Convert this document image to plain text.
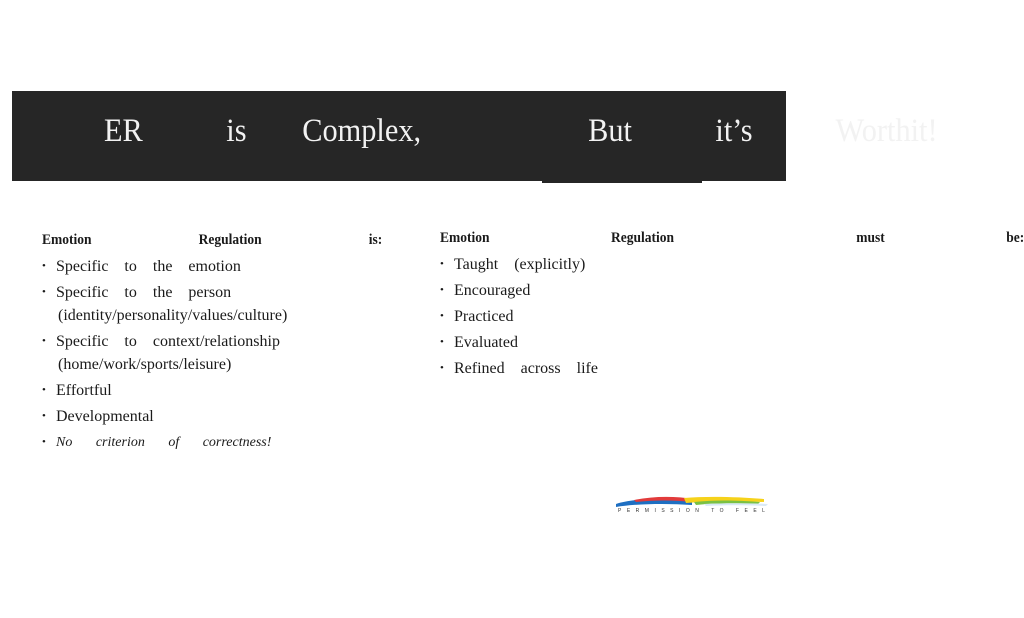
ER   is  Complex,      But   it’s   Worthit!
Emotion    Regulation    is:
• Specific to the emotion
• Specific to the person
(identity/personality/values/culture)
• Specific to context/relationship
(home/work/sports/leisure)
• Effortful
• Developmental
• No criterion of correctness!
Emotion    Regulation      must    be:
• Taught (explicitly)
• Encouraged
• Practiced
• Evaluated
• Refined across life
PERMISSION TO FEEL
